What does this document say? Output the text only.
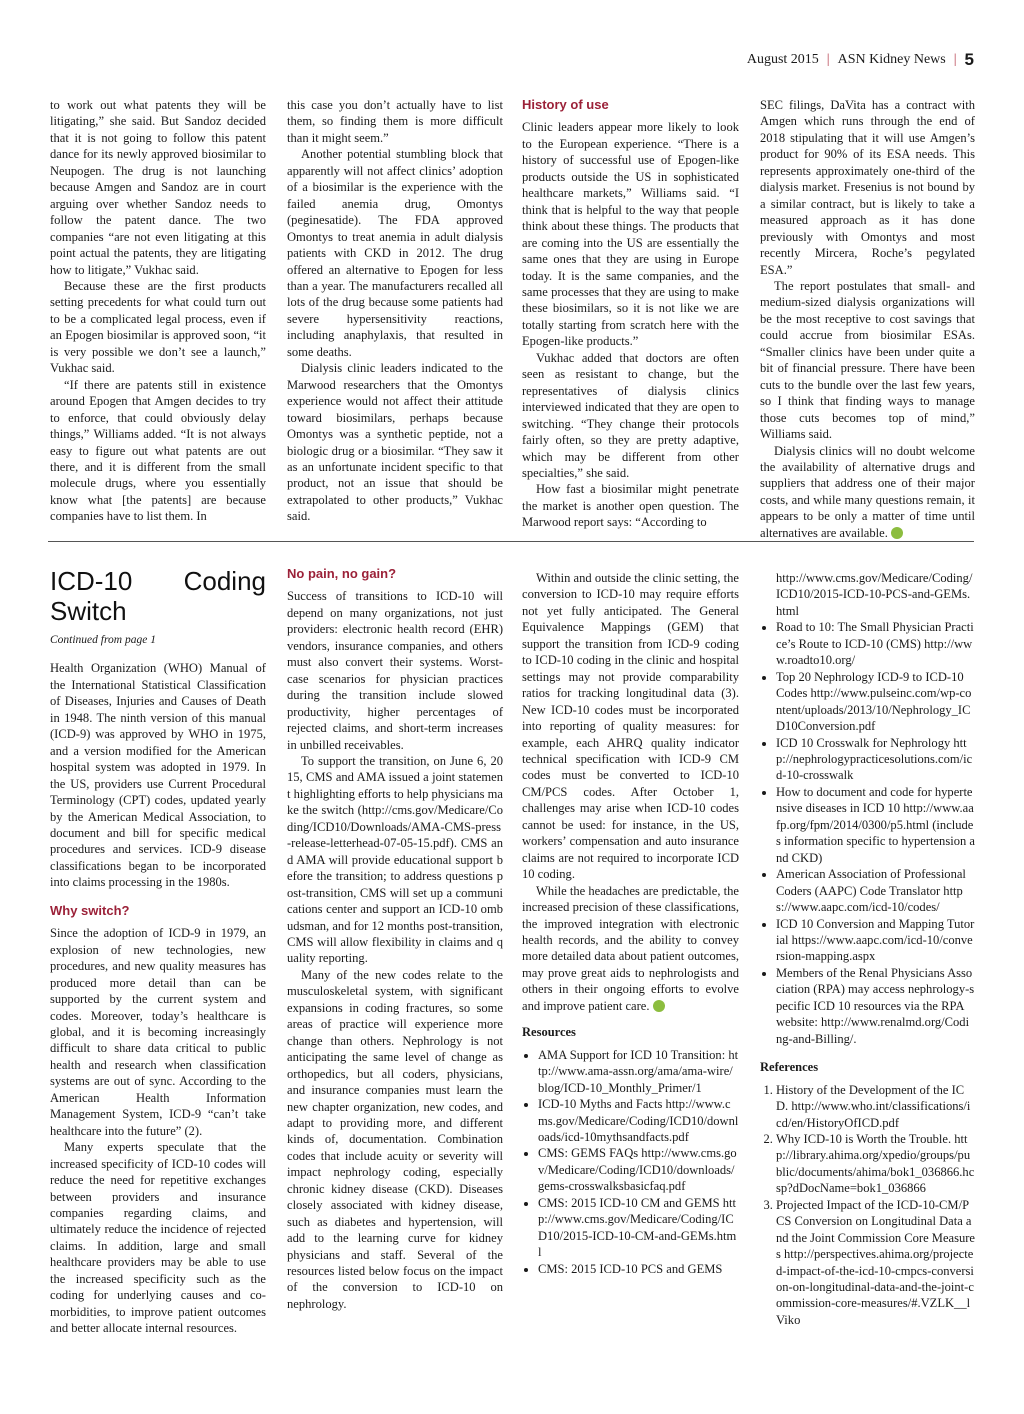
August 2015 | ASN Kidney News | 5

to work out what patents they will be litigating,” she said. But Sandoz decided that it is not going to follow this patent dance for its newly approved biosimilar to Neupogen. The drug is not launching because Amgen and Sandoz are in court arguing over whether Sandoz needs to follow the patent dance. The two companies “are not even litigating at this point actual the patents, they are litigating how to litigate,” Vukhac said.

Because these are the first products setting precedents for what could turn out to be a complicated legal process, even if an Epogen biosimilar is approved soon, “it is very possible we don’t see a launch,” Vukhac said.

“If there are patents still in existence around Epogen that Amgen decides to try to enforce, that could obviously delay things,” Williams added. “It is not always easy to figure out what patents are out there, and it is different from the small molecule drugs, where you essentially know what [the patents] are because companies have to list them. In

this case you don’t actually have to list them, so finding them is more difficult than it might seem.”

Another potential stumbling block that apparently will not affect clinics’ adoption of a biosimilar is the experience with the failed anemia drug, Omontys (peginesatide). The FDA approved Omontys to treat anemia in adult dialysis patients with CKD in 2012. The drug offered an alternative to Epogen for less than a year. The manufacturers recalled all lots of the drug because some patients had severe hypersensitivity reactions, including anaphylaxis, that resulted in some deaths.

Dialysis clinic leaders indicated to the Marwood researchers that the Omontys experience would not affect their attitude toward biosimilars, perhaps because Omontys was a synthetic peptide, not a biologic drug or a biosimilar. “They saw it as an unfortunate incident specific to that product, not an issue that should be extrapolated to other products,” Vukhac said.

History of use

Clinic leaders appear more likely to look to the European experience. “There is a history of successful use of Epogen-like products outside the US in sophisticated healthcare markets,” Williams said. “I think that is helpful to the way that people think about these things. The products that are coming into the US are essentially the same ones that they are using in Europe today. It is the same companies, and the same processes that they are using to make these biosimilars, so it is not like we are totally starting from scratch here with the Epogen-like products.”

Vukhac added that doctors are often seen as resistant to change, but the representatives of dialysis clinics interviewed indicated that they are open to switching. “They change their protocols fairly often, so they are pretty adaptive, which may be different from other specialties,” she said.

How fast a biosimilar might penetrate the market is another open question. The Marwood report says: “According to

SEC filings, DaVita has a contract with Amgen which runs through the end of 2018 stipulating that it will use Amgen’s product for 90% of its ESA needs. This represents approximately one-third of the dialysis market. Fresenius is not bound by a similar contract, but is likely to take a measured approach as it has done previously with Omontys and most recently Mircera, Roche’s pegylated ESA.”

The report postulates that small- and medium-sized dialysis organizations will be the most receptive to cost savings that could accrue from biosimilar ESAs. “Smaller clinics have been under quite a bit of financial pressure. There have been cuts to the bundle over the last few years, so I think that finding ways to manage those cuts becomes top of mind,” Williams said.

Dialysis clinics will no doubt welcome the availability of alternative drugs and suppliers that address one of their major costs, and while many questions remain, it appears to be only a matter of time until alternatives are available.

ICD-10 Coding Switch
Continued from page 1

Health Organization (WHO) Manual of the International Statistical Classification of Diseases, Injuries and Causes of Death in 1948. The ninth version of this manual (ICD-9) was approved by WHO in 1975, and a version modified for the American hospital system was adopted in 1979. In the US, providers use Current Procedural Terminology (CPT) codes, updated yearly by the American Medical Association, to document and bill for specific medical procedures and services. ICD-9 disease classifications began to be incorporated into claims processing in the 1980s.

Why switch?

Since the adoption of ICD-9 in 1979, an explosion of new technologies, new procedures, and new quality measures has produced more detail than can be supported by the current system and codes. Moreover, today’s healthcare is global, and it is becoming increasingly difficult to share data critical to public health and research when classification systems are out of sync. According to the American Health Information Management System, ICD-9 “can’t take healthcare into the future” (2).

Many experts speculate that the increased specificity of ICD-10 codes will reduce the need for repetitive exchanges between providers and insurance companies regarding claims, and ultimately reduce the incidence of rejected claims. In addition, large and small healthcare providers may be able to use the increased specificity such as the coding for underlying causes and co-morbidities, to improve patient outcomes and better allocate internal resources.

No pain, no gain?

Success of transitions to ICD-10 will depend on many organizations, not just providers: electronic health record (EHR) vendors, insurance companies, and others must also convert their systems. Worst-case scenarios for physician practices during the transition include slowed productivity, higher percentages of rejected claims, and short-term increases in unbilled receivables.

To support the transition, on June 6, 2015, CMS and AMA issued a joint statement highlighting efforts to help physicians make the switch (http://cms.gov/Medicare/Coding/ICD10/Downloads/AMA-CMS-press-release-letterhead-07-05-15.pdf). CMS and AMA will provide educational support before the transition; to address questions post-transition, CMS will set up a communications center and support an ICD-10 ombudsman, and for 12 months post-transition, CMS will allow flexibility in claims and quality reporting.

Many of the new codes relate to the musculoskeletal system, with significant expansions in coding fractures, so some areas of practice will experience more change than others. Nephrology is not anticipating the same level of change as orthopedics, but all coders, physicians, and insurance companies must learn the new chapter organization, new codes, and adapt to providing more, and different kinds of, documentation. Combination codes that include acuity or severity will impact nephrology coding, especially chronic kidney disease (CKD). Diseases closely associated with kidney disease, such as diabetes and hypertension, will add to the learning curve for kidney physicians and staff. Several of the resources listed below focus on the impact of the conversion to ICD-10 on nephrology.

Within and outside the clinic setting, the conversion to ICD-10 may require efforts not yet fully anticipated. The General Equivalence Mappings (GEM) that support the transition from ICD-9 coding to ICD-10 coding in the clinic and hospital settings may not provide comparability ratios for tracking longitudinal data (3). New ICD-10 codes must be incorporated into reporting of quality measures: for example, each AHRQ quality indicator technical specification with ICD-9 CM codes must be converted to ICD-10 CM/PCS codes. After October 1, challenges may arise when ICD-10 codes cannot be used: for instance, in the US, workers’ compensation and auto insurance claims are not required to incorporate ICD 10 coding.

While the headaches are predictable, the increased precision of these classifications, the improved integration with electronic health records, and the ability to convey more detailed data about patient outcomes, may prove great aids to nephrologists and others in their ongoing efforts to evolve and improve patient care.

Resources
• AMA Support for ICD 10 Transition: http://www.ama-assn.org/ama/ama-wire/blog/ICD-10_Monthly_Primer/1
• ICD-10 Myths and Facts http://www.cms.gov/Medicare/Coding/ICD10/downloads/icd-10mythsandfacts.pdf
• CMS: GEMS FAQs http://www.cms.gov/Medicare/Coding/ICD10/downloads/gems-crosswalksbasicfaq.pdf
• CMS: 2015 ICD-10 CM and GEMS http://www.cms.gov/Medicare/Coding/ICD10/2015-ICD-10-CM-and-GEMs.html
• CMS: 2015 ICD-10 PCS and GEMS
http://www.cms.gov/Medicare/Coding/ICD10/2015-ICD-10-PCS-and-GEMs.html
• Road to 10: The Small Physician Practice’s Route to ICD-10 (CMS) http://www.roadto10.org/
• Top 20 Nephrology ICD-9 to ICD-10 Codes http://www.pulseinc.com/wp-content/uploads/2013/10/Nephrology_ICD10Conversion.pdf
• ICD 10 Crosswalk for Nephrology http://nephrologypracticesolutions.com/icd-10-crosswalk
• How to document and code for hypertensive diseases in ICD 10 http://www.aafp.org/fpm/2014/0300/p5.html (includes information specific to hypertension and CKD)
• American Association of Professional Coders (AAPC) Code Translator https://www.aapc.com/icd-10/codes/
• ICD 10 Conversion and Mapping Tutorial https://www.aapc.com/icd-10/conversion-mapping.aspx
• Members of the Renal Physicians Association (RPA) may access nephrology-specific ICD 10 resources via the RPA website: http://www.renalmd.org/Coding-and-Billing/.
References
1. History of the Development of the ICD. http://www.who.int/classifications/icd/en/HistoryOfICD.pdf
2. Why ICD-10 is Worth the Trouble. http://library.ahima.org/xpedio/groups/public/documents/ahima/bok1_036866.hcsp?dDocName=bok1_036866
3. Projected Impact of the ICD-10-CM/PCS Conversion on Longitudinal Data and the Joint Commission Core Measures http://perspectives.ahima.org/projected-impact-of-the-icd-10-cmpcs-conversion-on-longitudinal-data-and-the-joint-commission-core-measures/#.VZLK__lViko
